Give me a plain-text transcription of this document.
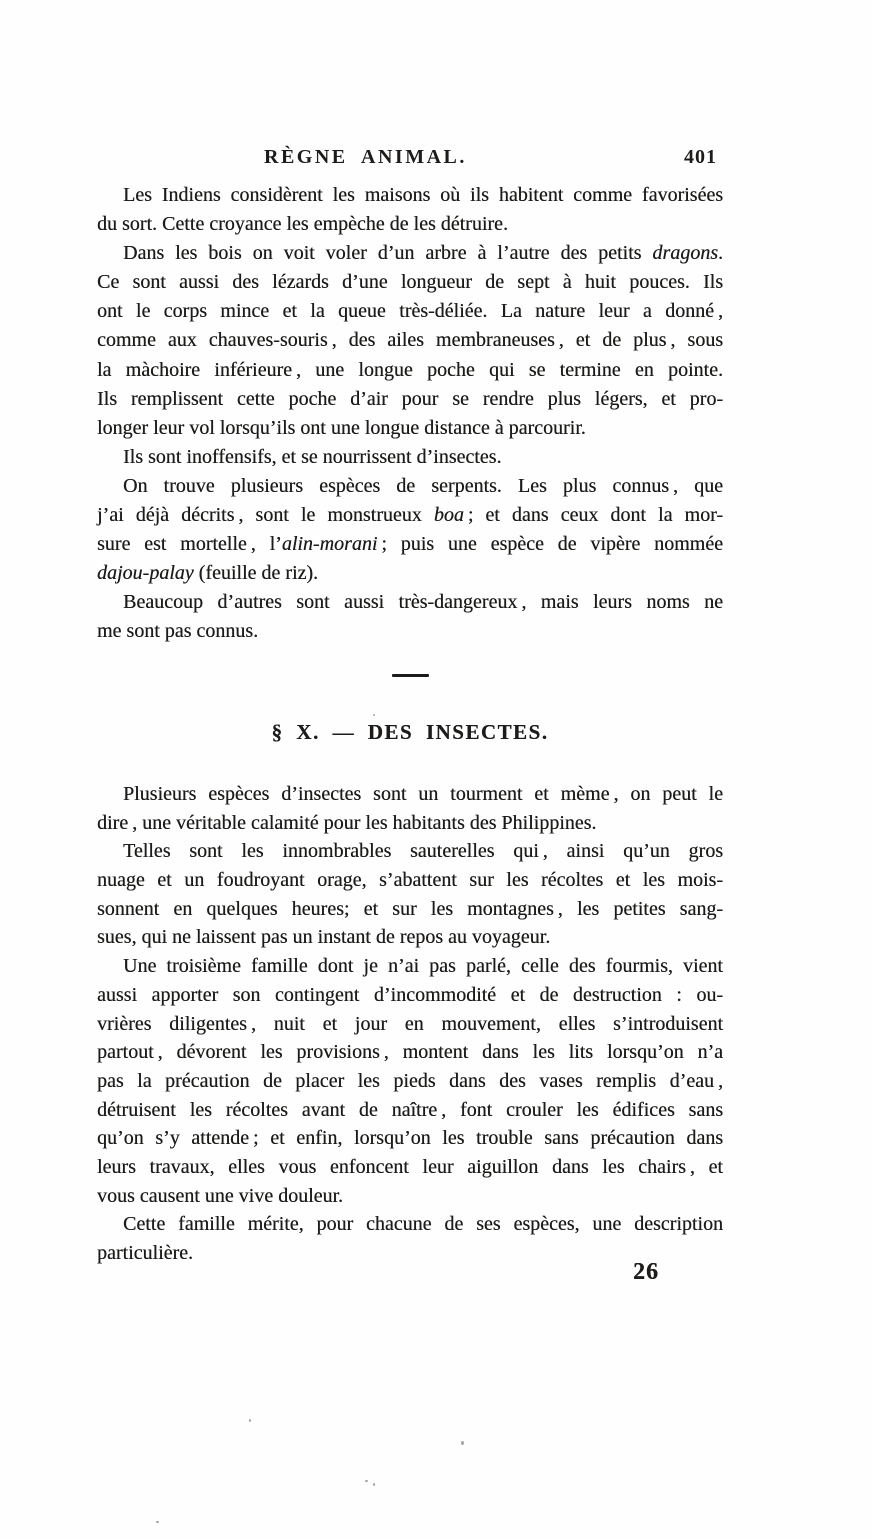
RÈGNE ANIMAL.	401
Les Indiens considèrent les maisons où ils habitent comme favorisées
du sort. Cette croyance les empèche de les détruire.
Dans les bois on voit voler d’un arbre à l’autre des petits dragons.
Ce sont aussi des lézards d’une longueur de sept à huit pouces. Ils
ont le corps mince et la queue très-déliée. La nature leur a donné ,
comme aux chauves-souris , des ailes membraneuses , et de plus , sous
la màchoire inférieure , une longue poche qui se termine en pointe.
Ils remplissent cette poche d’air pour se rendre plus légers, et pro-
longer leur vol lorsqu’ils ont une longue distance à parcourir.
Ils sont inoffensifs, et se nourrissent d’insectes.
On trouve plusieurs espèces de serpents. Les plus connus , que
j’ai déjà décrits , sont le monstrueux boa ; et dans ceux dont la mor-
sure est mortelle , l’alin-morani ; puis une espèce de vipère nommée
dajou-palay (feuille de riz).
Beaucoup d’autres sont aussi très-dangereux , mais leurs noms ne
me sont pas connus.
§ X. — DES INSECTES.
Plusieurs espèces d’insectes sont un tourment et mème , on peut le
dire , une véritable calamité pour les habitants des Philippines.
Telles sont les innombrables sauterelles qui , ainsi qu’un gros
nuage et un foudroyant orage, s’abattent sur les récoltes et les mois-
sonnent en quelques heures; et sur les montagnes , les petites sang-
sues, qui ne laissent pas un instant de repos au voyageur.
Une troisième famille dont je n’ai pas parlé, celle des fourmis, vient
aussi apporter son contingent d’incommodité et de destruction : ou-
vrières diligentes , nuit et jour en mouvement, elles s’introduisent
partout , dévorent les provisions , montent dans les lits lorsqu’on n’a
pas la précaution de placer les pieds dans des vases remplis d’eau ,
détruisent les récoltes avant de naître , font crouler les édifices sans
qu’on s’y attende ; et enfin, lorsqu’on les trouble sans précaution dans
leurs travaux, elles vous enfoncent leur aiguillon dans les chairs , et
vous causent une vive douleur.
Cette famille mérite, pour chacune de ses espèces, une description
particulière.
26
